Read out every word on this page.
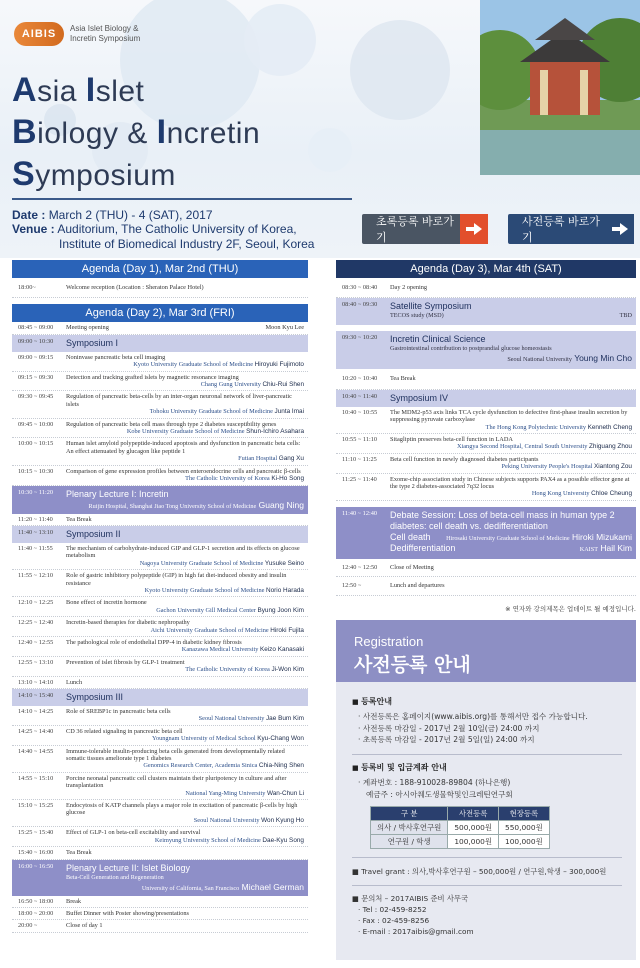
AIBIS	Asia Islet Biology &
Incretin Symposium
Asia Islet
Biology & Incretin
Symposium
Date : March 2 (THU) - 4 (SAT), 2017
Venue : Auditorium, The Catholic University of Korea,
Institute of Biomedical Industry 2F, Seoul, Korea
초록등록 바로가기
사전등록 바로가기
Agenda (Day 1), Mar 2nd (THU)
18:00~	Welcome reception (Location : Sheraton Palace Hotel)
Agenda (Day 2), Mar 3rd (FRI)
08:45 ~ 09:00	Meeting opening	Moon Kyu Lee
09:00 ~ 10:30 Symposium I
09:00 ~ 09:15	Noninvase pancreatic beta cell imaging
Kyoto University Graduate School of Medicine Hiroyuki Fujimoto
09:15 ~ 09:30	Detection and tracking grafted islets by magnetic resonance imaging
Chang Gung University Chiu-Rui Shen
09:30 ~ 09:45	Regulation of pancreatic beta-cells by an inter-organ neuronal network of liver-pancreatic islets
Tohoku University Graduate School of Medicine Junta Imai
09:45 ~ 10:00	Regulation of pancreatic beta cell mass through type 2 diabetes susceptibility genes
Kobe University Graduate School of Medicine Shun-Ichiro Asahara
10:00 ~ 10:15	Human islet amyloid polypeptide-induced apoptosis and dysfunction in pancreatic beta cells: An effect attenuated by glucagon like peptide 1
Futian Hospital Gang Xu
10:15 ~ 10:30	Comparison of gene expression profiles between enteroendocrine cells and pancreatic β-cells
The Catholic University of Korea Ki-Ho Song
10:30 ~ 11:20 Plenary Lecture I: Incretin
Ruijin Hospital, Shanghai Jiao Tong University School of Medicine Guang Ning
11:20 ~ 11:40	Tea Break
11:40 ~ 13:10 Symposium II
11:40 ~ 11:55	The mechanism of carbohydrate-induced GIP and GLP-1 secretion and its effects on glucose metabolism
Nagoya University Graduate School of Medicine Yusuke Seino
11:55 ~ 12:10	Role of gastric inhibitory polypeptide (GIP) in high fat diet-induced obesity and insulin resistance
Kyoto University Graduate School of Medicine Norio Harada
12:10 ~ 12:25	Bone effect of incretin hormone
Gachon University Gill Medical Center Byung Joon Kim
12:25 ~ 12:40	Incretin-based therapies for diabetic nephropathy
Aichi University Graduate School of Medicine Hiroki Fujita
12:40 ~ 12:55	The pathological role of endothelial DPP-4 in diabetic kidney fibrosis
Kanazawa Medical University Keizo Kanasaki
12:55 ~ 13:10	Prevention of islet fibrosis by GLP-1 treatment
The Catholic University of Korea Ji-Won Kim
13:10 ~ 14:10	Lunch
14:10 ~ 15:40 Symposium III
14:10 ~ 14:25	Role of SREBP1c in pancreatic beta cells
Seoul National University Jae Bum Kim
14:25 ~ 14:40	CD 36 related signaling in pancreatic beta cell
Youngnam University of Medical School Kyu-Chang Won
14:40 ~ 14:55	Immune-tolerable insulin-producing beta cells generated from developmentally related somatic tissues ameliorate type 1 diabetes
Genomics Research Center, Academia Sinica Chia-Ning Shen
14:55 ~ 15:10	Porcine neonatal pancreatic cell clusters maintain their pluripotency in culture and after transplantation
National Yang-Ming University Wan-Chun Li
15:10 ~ 15:25	Endocytosis of KATP channels plays a major role in excitation of pancreatic β-cells by high glucose
Seoul National University Won Kyung Ho
15:25 ~ 15:40	Effect of GLP-1 on beta-cell excitability and survival
Keimyung University School of Medicine Dae-Kyu Song
15:40 ~ 16:00	Tea Break
16:00 ~ 16:50 Plenary Lecture II: Islet Biology
Beta-Cell Generation and Regeneration
University of California, San Francisco Michael German
16:50 ~ 18:00	Break
18:00 ~ 20:00	Buffet Dinner with Poster showing/presentations
20:00 ~	Close of day 1
Agenda (Day 3), Mar 4th (SAT)
08:30 ~ 08:40	Day 2 opening
08:40 ~ 09:30 Satellite Symposium
TECOS study (MSD)	TBD
09:30 ~ 10:20 Incretin Clinical Science
Gastrointestinal contribution to postprandial glucose homeostasis
Seoul National University Young Min Cho
10:20 ~ 10:40	Tea Break
10:40 ~ 11:40 Symposium IV
10:40 ~ 10:55	The MDM2-p53 axis links TCA cycle dysfunction to defective first-phase insulin secretion by suppressing pyruvate carboxylase
The Hong Kong Polytechnic University Kenneth Cheng
10:55 ~ 11:10	Sitagliptin preserves beta-cell function in LADA
Xiangya Second Hospital, Central South University Zhiguang Zhou
11:10 ~ 11:25	Beta cell function in newly diagnosed diabetes participants
Peking University People's Hospital Xiantong Zou
11:25 ~ 11:40	Exome-chip association study in Chinese subjects supports PAX4 as a possible effector gene at the type 2 diabetes-associated 7q32 locus
Hong Kong University Chloe Cheung
11:40 ~ 12:40 Debate Session: Loss of beta-cell mass in human type 2 diabetes: cell death vs. dedifferentiation
Cell death	Hirosaki University Graduate School of Medicine Hiroki Mizukami
Dedifferentiation	KAIST Hail Kim
12:40 ~ 12:50	Close of Meeting
12:50 ~	Lunch and departures
※ 연자와 강의제목은 업데이트 될 예정입니다.
Registration
사전등록 안내
■ 등록안내
· 사전등록은 홈페이지(www.aibis.org)를 통해서만 접수 가능합니다.
· 사전등록 마감일 - 2017년 2월 10일(금) 24:00 까지
· 초록등록 마감일 - 2017년 2월 5일(일) 24:00 까지
■ 등록비 및 입금계좌 안내
· 계좌번호 : 188-910028-89804 (하나은행)
예금주 : 아시아췌도생물학및인크레틴연구회
구 분	사전등록	현장등록
의사 / 박사후연구원	500,000원	550,000원
연구원 / 학생	100,000원	100,000원
■ Travel grant : 의사,박사후연구원 – 500,000원 / 연구원,학생 – 300,000원
■ 문의처 – 2017AIBIS 준비 사무국
· Tel : 02-459-8252
· Fax : 02-459-8256
· E-mail : 2017aibis@gmail.com
